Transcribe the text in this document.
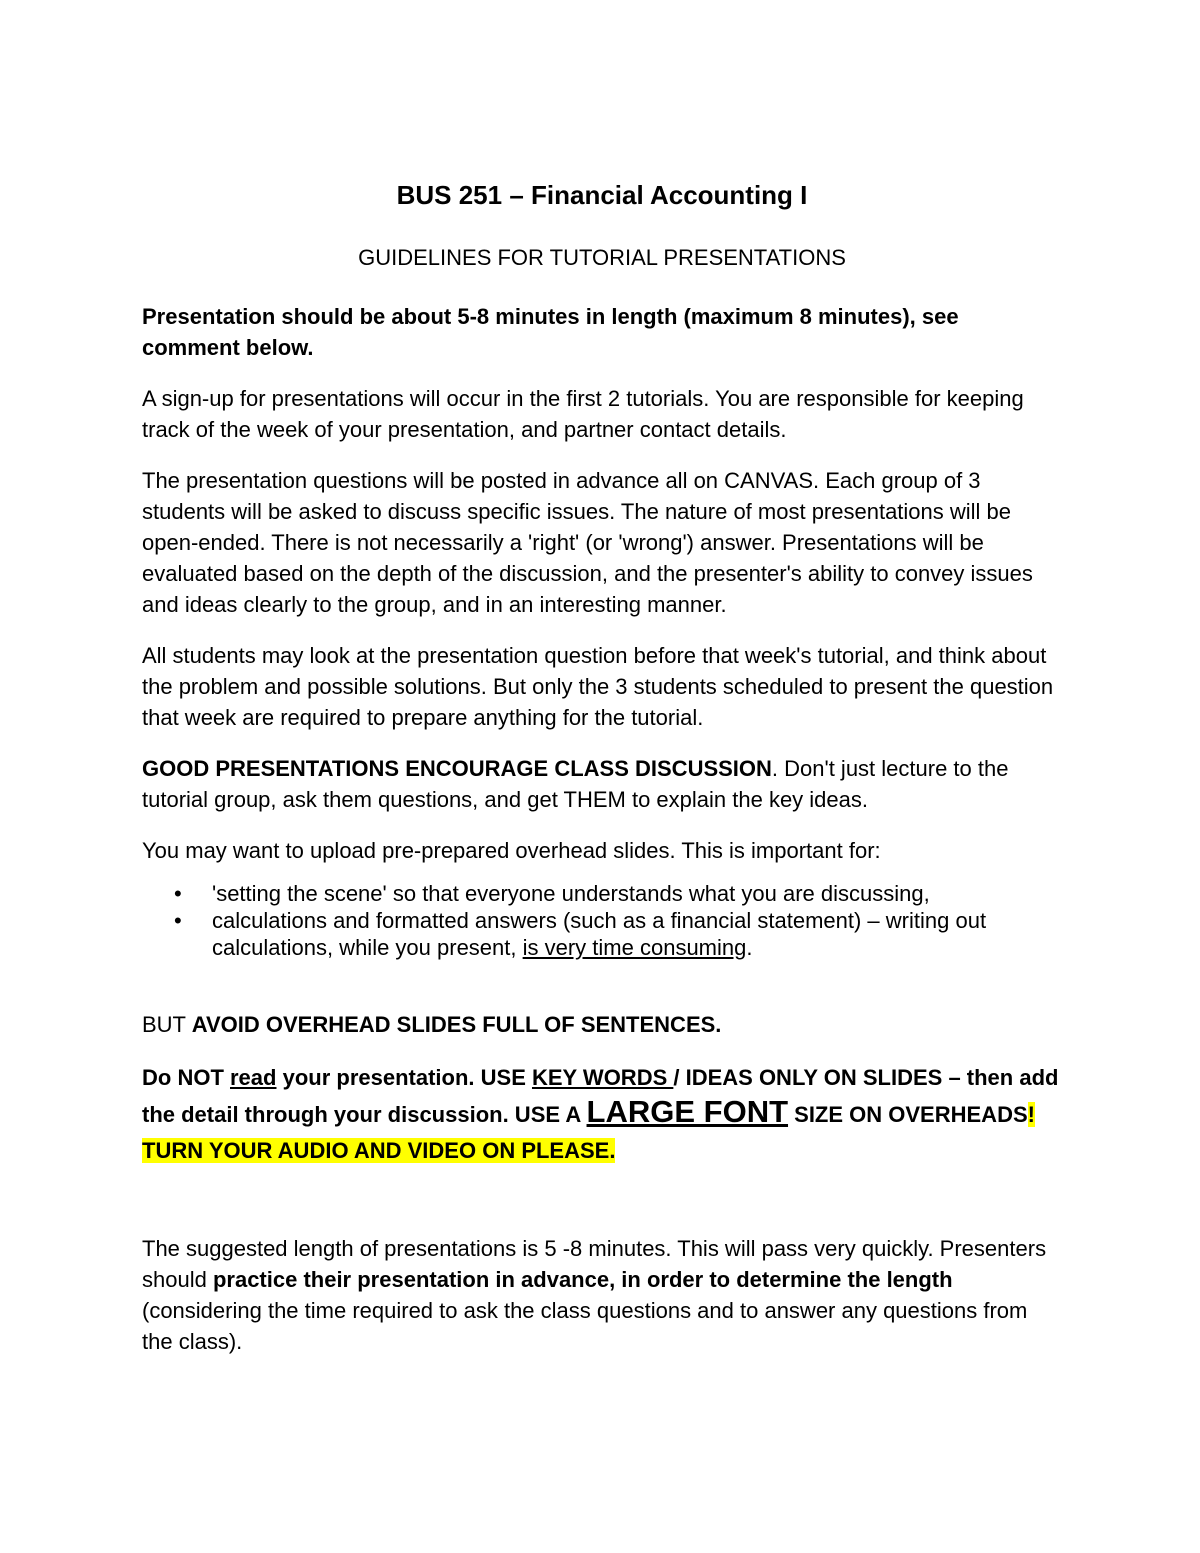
BUS 251 – Financial Accounting I
GUIDELINES FOR TUTORIAL PRESENTATIONS

Presentation should be about 5-8 minutes in length (maximum 8 minutes), see comment below.

A sign-up for presentations will occur in the first 2 tutorials. You are responsible for keeping track of the week of your presentation, and partner contact details.

The presentation questions will be posted in advance all on CANVAS. Each group of 3 students will be asked to discuss specific issues. The nature of most presentations will be open-ended. There is not necessarily a 'right' (or 'wrong') answer. Presentations will be evaluated based on the depth of the discussion, and the presenter's ability to convey issues and ideas clearly to the group, and in an interesting manner.

All students may look at the presentation question before that week's tutorial, and think about the problem and possible solutions. But only the 3 students scheduled to present the question that week are required to prepare anything for the tutorial.

GOOD PRESENTATIONS ENCOURAGE CLASS DISCUSSION. Don't just lecture to the tutorial group, ask them questions, and get THEM to explain the key ideas.

You may want to upload pre-prepared overhead slides. This is important for:

• 'setting the scene' so that everyone understands what you are discussing,
• calculations and formatted answers (such as a financial statement) – writing out calculations, while you present, is very time consuming.

BUT AVOID OVERHEAD SLIDES FULL OF SENTENCES.

Do NOT read your presentation. USE KEY WORDS / IDEAS ONLY ON SLIDES – then add the detail through your discussion. USE A LARGE FONT SIZE ON OVERHEADS! TURN YOUR AUDIO AND VIDEO ON PLEASE.

The suggested length of presentations is 5 -8 minutes. This will pass very quickly. Presenters should practice their presentation in advance, in order to determine the length (considering the time required to ask the class questions and to answer any questions from the class).
